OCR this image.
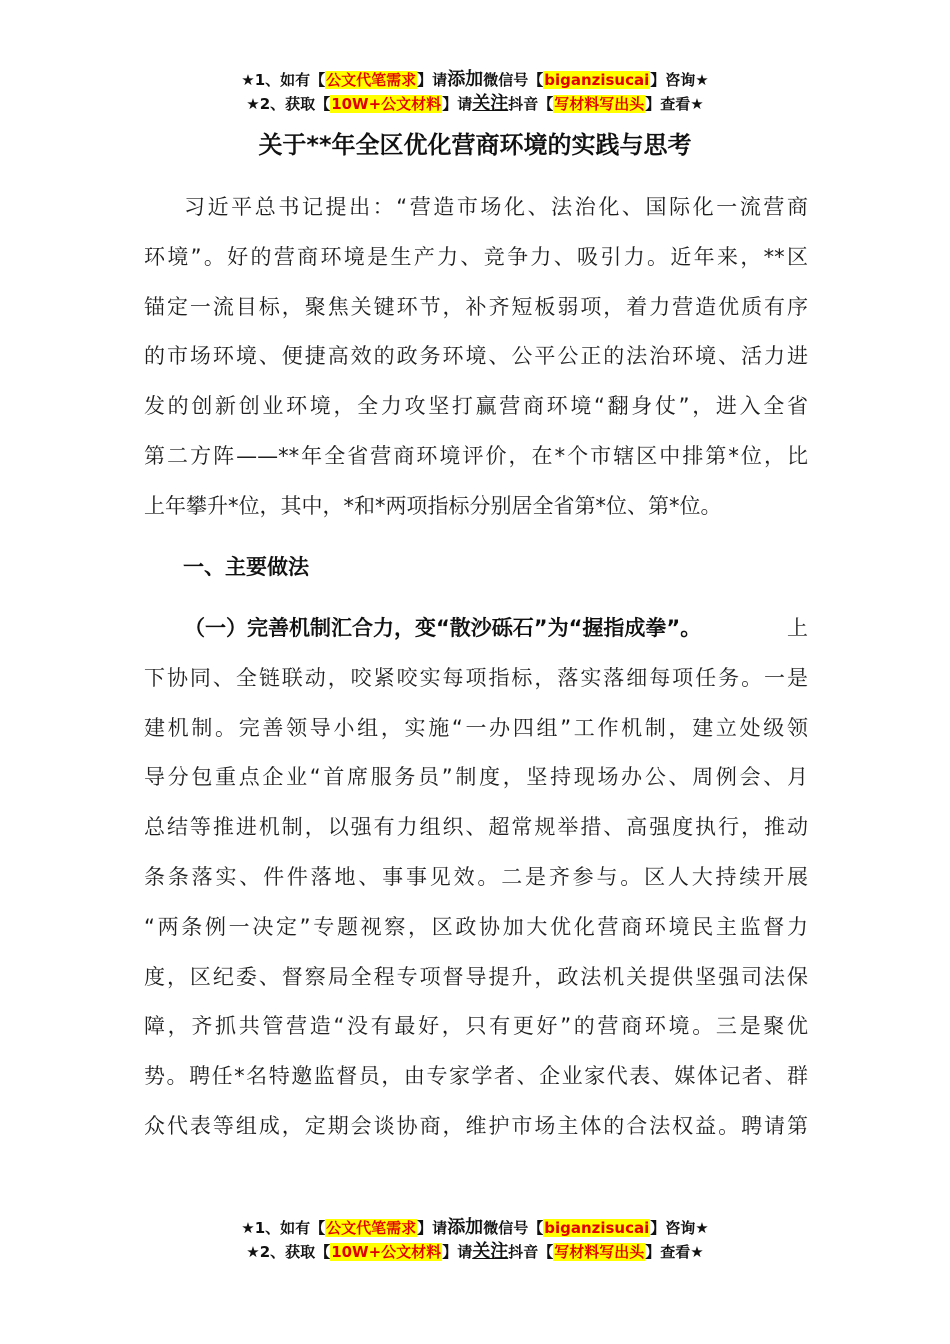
★1、如有【公文代笔需求】请添加微信号【biganzisucai】咨询★
★2、获取【10W+公文材料】请关注抖音【写材料写出头】查看★
关于**年全区优化营商环境的实践与思考
习近平总书记提出：“营造市场化、法治化、国际化一流营商
环境”。好的营商环境是生产力、竞争力、吸引力。近年来，**区
锚定一流目标，聚焦关键环节，补齐短板弱项，着力营造优质有序
的市场环境、便捷高效的政务环境、公平公正的法治环境、活力进
发的创新创业环境，全力攻坚打赢营商环境“翻身仗”，进入全省
第二方阵——**年全省营商环境评价，在*个市辖区中排第*位，比
上年攀升*位，其中，*和*两项指标分别居全省第*位、第*位。
一、主要做法
（一）完善机制汇合力，变“散沙砾石”为“握指成拳”。	上
下协同、全链联动，咬紧咬实每项指标，落实落细每项任务。一是
建机制。完善领导小组，实施“一办四组”工作机制，建立处级领
导分包重点企业“首席服务员”制度，坚持现场办公、周例会、月
总结等推进机制，以强有力组织、超常规举措、高强度执行，推动
条条落实、件件落地、事事见效。二是齐参与。区人大持续开展
“两条例一决定”专题视察，区政协加大优化营商环境民主监督力
度，区纪委、督察局全程专项督导提升，政法机关提供坚强司法保
障，齐抓共管营造“没有最好，只有更好”的营商环境。三是聚优
势。聘任*名特邀监督员，由专家学者、企业家代表、媒体记者、群
众代表等组成，定期会谈协商，维护市场主体的合法权益。聘请第
★1、如有【公文代笔需求】请添加微信号【biganzisucai】咨询★
★2、获取【10W+公文材料】请关注抖音【写材料写出头】查看★
